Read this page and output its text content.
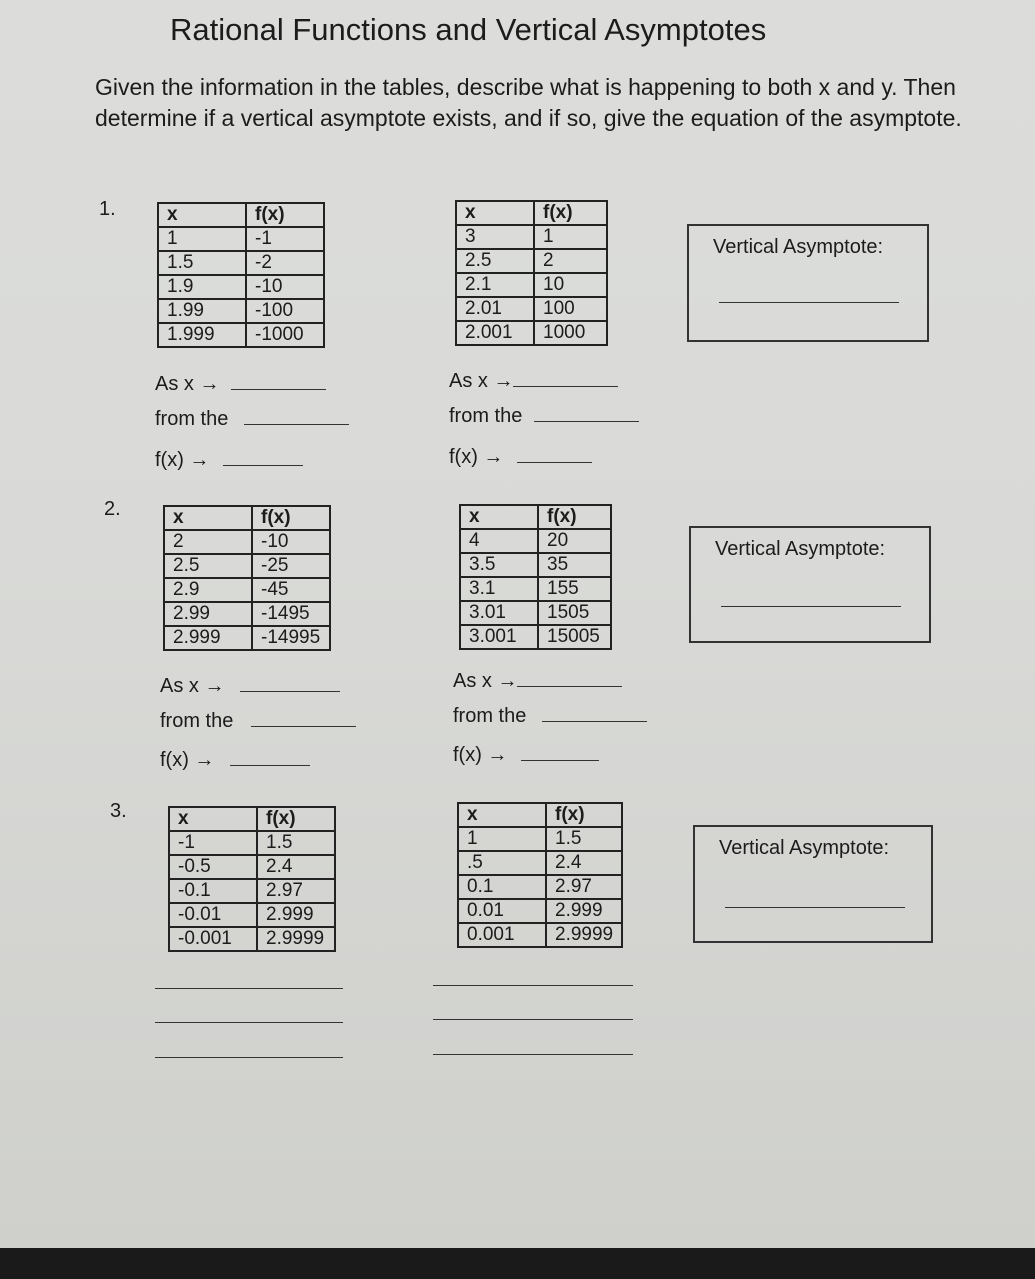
Rational Functions and Vertical Asymptotes
Given the information in the tables, describe what is happening to both x and y. Then determine if a vertical asymptote exists, and if so, give the equation of the asymptote.
1.	x	f(x)
1	-1
1.5	-2
1.9	-10
1.99	-100
1.999	-1000
x	f(x)
3	1
2.5	2
2.1	10
2.01	100
2.001	1000
As x →
from the
f(x) →
As x →
from the
f(x) →
Vertical Asymptote:
2.	x	f(x)
2	-10
2.5	-25
2.9	-45
2.99	-1495
2.999	-14995
x	f(x)
4	20
3.5	35
3.1	155
3.01	1505
3.001	15005
As x →
from the
f(x) →
As x →
from the
f(x) →
Vertical Asymptote:
3.	x	f(x)
-1	1.5
-0.5	2.4
-0.1	2.97
-0.01	2.999
-0.001	2.9999
x	f(x)
1	1.5
.5	2.4
0.1	2.97
0.01	2.999
0.001	2.9999
Vertical Asymptote:
